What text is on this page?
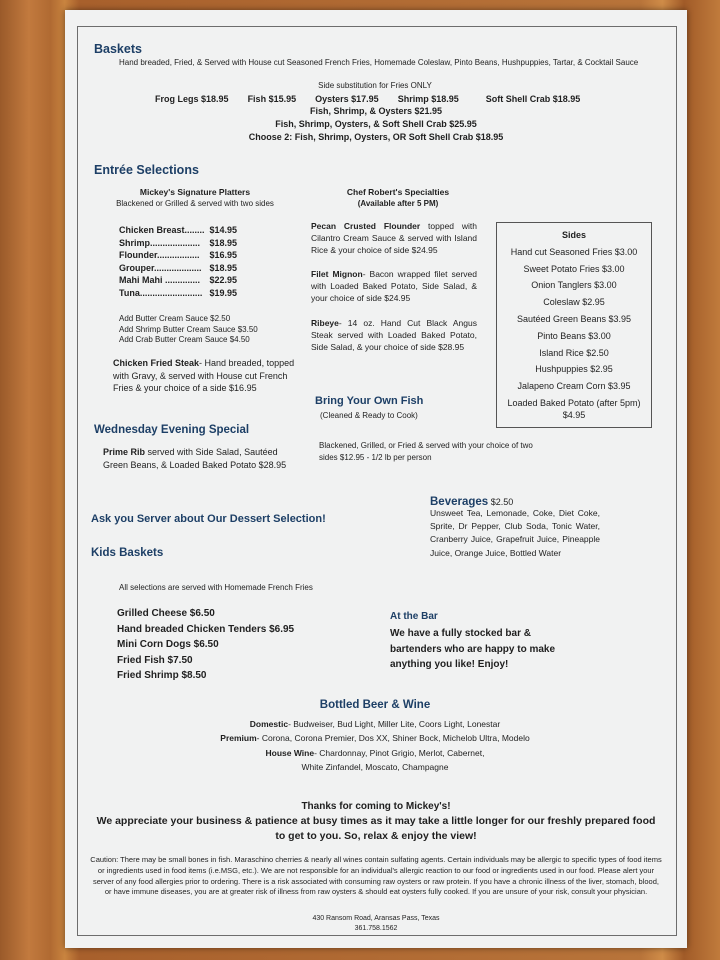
Baskets
Hand breaded, Fried, & Served with House cut Seasoned French Fries, Homemade Coleslaw, Pinto Beans, Hushpuppies, Tartar, & Cocktail Sauce
Side substitution for Fries ONLY
Frog Legs $18.95 Fish $15.95 Oysters $17.95 Shrimp $18.95	Soft Shell Crab $18.95
Fish, Shrimp, & Oysters $21.95
Fish, Shrimp, Oysters, & Soft Shell Crab $25.95
Choose 2: Fish, Shrimp, Oysters, OR Soft Shell Crab $18.95
Entrée Selections
Mickey's Signature Platters
Blackened or Grilled & served with two sides
Chicken Breast........ $14.95
Shrimp.................... $18.95
Flounder................. $16.95
Grouper................... $18.95
Mahi Mahi .............. $22.95
Tuna......................... $19.95
Add Butter Cream Sauce $2.50
Add Shrimp Butter Cream Sauce $3.50
Add Crab Butter Cream Sauce $4.50
Chicken Fried Steak- Hand breaded, topped with Gravy, & served with House cut French Fries & your choice of a side $16.95
Chef Robert's Specialties
(Available after 5 PM)
Pecan Crusted Flounder topped with Cilantro Cream Sauce & served with Island Rice & your choice of side $24.95
Filet Mignon- Bacon wrapped filet served with Loaded Baked Potato, Side Salad, & your choice of side $24.95
Ribeye- 14 oz. Hand Cut Black Angus Steak served with Loaded Baked Potato, Side Salad, & your choice of side $28.95
Sides
Hand cut Seasoned Fries $3.00
Sweet Potato Fries $3.00
Onion Tanglers $3.00
Coleslaw $2.95
Sautéed Green Beans $3.95
Pinto Beans $3.00
Island Rice $2.50
Hushpuppies $2.95
Jalapeno Cream Corn $3.95
Loaded Baked Potato (after 5pm) $4.95
Bring Your Own Fish
(Cleaned & Ready to Cook)
Blackened, Grilled, or Fried & served with your choice of two sides $12.95 - 1/2 lb per person
Wednesday Evening Special
Prime Rib served with Side Salad, Sautéed Green Beans, & Loaded Baked Potato $28.95
Beverages $2.50
Unsweet Tea, Lemonade, Coke, Diet Coke, Sprite, Dr Pepper, Club Soda, Tonic Water, Cranberry Juice, Grapefruit Juice, Pineapple Juice, Orange Juice, Bottled Water
Ask you Server about Our Dessert Selection!
Kids Baskets
All selections are served with Homemade French Fries
Grilled Cheese $6.50
Hand breaded Chicken Tenders $6.95
Mini Corn Dogs $6.50
Fried Fish $7.50
Fried Shrimp $8.50
At the Bar
We have a fully stocked bar & bartenders who are happy to make anything you like! Enjoy!
Bottled Beer & Wine
Domestic- Budweiser, Bud Light, Miller Lite, Coors Light, Lonestar
Premium- Corona, Corona Premier, Dos XX, Shiner Bock, Michelob Ultra, Modelo
House Wine- Chardonnay, Pinot Grigio, Merlot, Cabernet,
White Zinfandel, Moscato, Champagne
Thanks for coming to Mickey's!
We appreciate your business & patience at busy times as it may take a little longer for our freshly prepared food to get to you. So, relax & enjoy the view!
Caution: There may be small bones in fish. Maraschino cherries & nearly all wines contain sulfating agents. Certain individuals may be allergic to specific types of food items or ingredients used in food items (i.e.MSG, etc.). We are not responsible for an individual's allergic reaction to our food or ingredients used in our food. Please alert your server of any food allergies prior to ordering. There is a risk associated with consuming raw oysters or raw protein. If you have a chronic illness of the liver, stomach, blood, or have immune diseases, you are at greater risk of illness from raw oysters & should eat oysters fully cooked. If you are unsure of your risk, consult your physician.
430 Ransom Road, Aransas Pass, Texas
361.758.1562
